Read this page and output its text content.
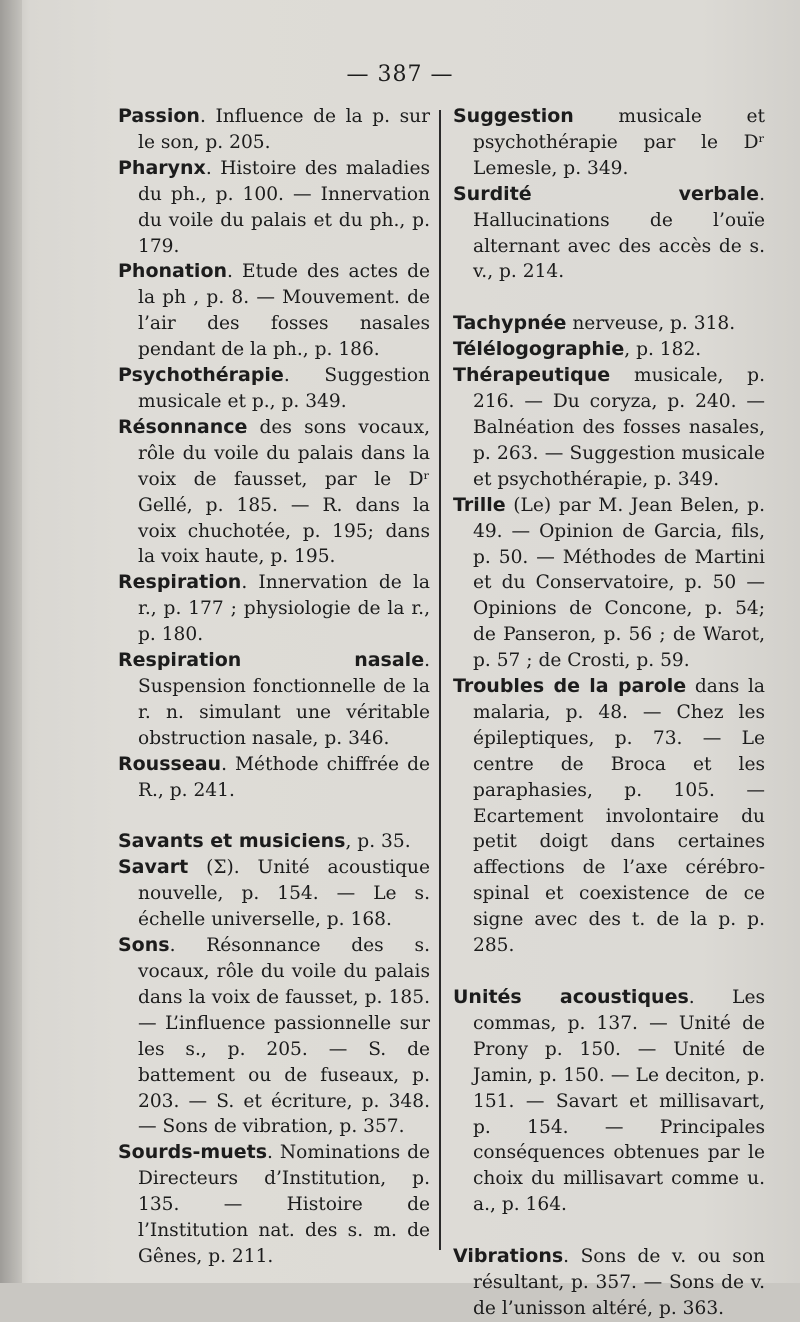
— 387 —

Passion. Influence de la p. sur le son, p. 205.

Pharynx. Histoire des maladies du ph., p. 100. — Innervation du voile du palais et du ph., p. 179.

Phonation. Etude des actes de la ph , p. 8. — Mouvement. de l’air des fosses nasales pendant de la ph., p. 186.

Psychothérapie. Suggestion musicale et p., p. 349.

Résonnance des sons vocaux, rôle du voile du palais dans la voix de fausset, par le Dʳ Gellé, p. 185. — R. dans la voix chuchotée, p. 195; dans la voix haute, p. 195.

Respiration. Innervation de la r., p. 177 ; physiologie de la r., p. 180.

Respiration nasale. Suspension fonctionnelle de la r. n. simulant une véritable obstruction nasale, p. 346.

Rousseau. Méthode chiffrée de R., p. 241.

Savants et musiciens, p. 35.

Savart (Σ). Unité acoustique nouvelle, p. 154. — Le s. échelle universelle, p. 168.

Sons. Résonnance des s. vocaux, rôle du voile du palais dans la voix de fausset, p. 185. — L’influence passionnelle sur les s., p. 205. — S. de battement ou de fuseaux, p. 203. — S. et écriture, p. 348. — Sons de vibration, p. 357.

Sourds-muets. Nominations de Directeurs d’Institution, p. 135. — Histoire de l’Institution nat. des s. m. de Gênes, p. 211.

Suggestion musicale et psychothérapie par le Dʳ Lemesle, p. 349.

Surdité verbale. Hallucinations de l’ouïe alternant avec des accès de s. v., p. 214.

Tachypnée nerveuse, p. 318.

Télélogographie, p. 182.

Thérapeutique musicale, p. 216. — Du coryza, p. 240. — Balnéation des fosses nasales, p. 263. — Suggestion musicale et psychothérapie, p. 349.

Trille (Le) par M. Jean Belen, p. 49. — Opinion de Garcia, fils, p. 50. — Méthodes de Martini et du Conservatoire, p. 50 — Opinions de Concone, p. 54; de Panseron, p. 56 ; de Warot, p. 57 ; de Crosti, p. 59.

Troubles de la parole dans la malaria, p. 48. — Chez les épileptiques, p. 73. — Le centre de Broca et les paraphasies, p. 105. — Ecartement involontaire du petit doigt dans certaines affections de l’axe cérébro-spinal et coexistence de ce signe avec des t. de la p. p. 285.

Unités acoustiques. Les commas, p. 137. — Unité de Prony p. 150. — Unité de Jamin, p. 150. — Le deciton, p. 151. — Savart et millisavart, p. 154. — Principales conséquences obtenues par le choix du millisavart comme u. a., p. 164.

Vibrations. Sons de v. ou son résultant, p. 357. — Sons de v. de l’unisson altéré, p. 363.
